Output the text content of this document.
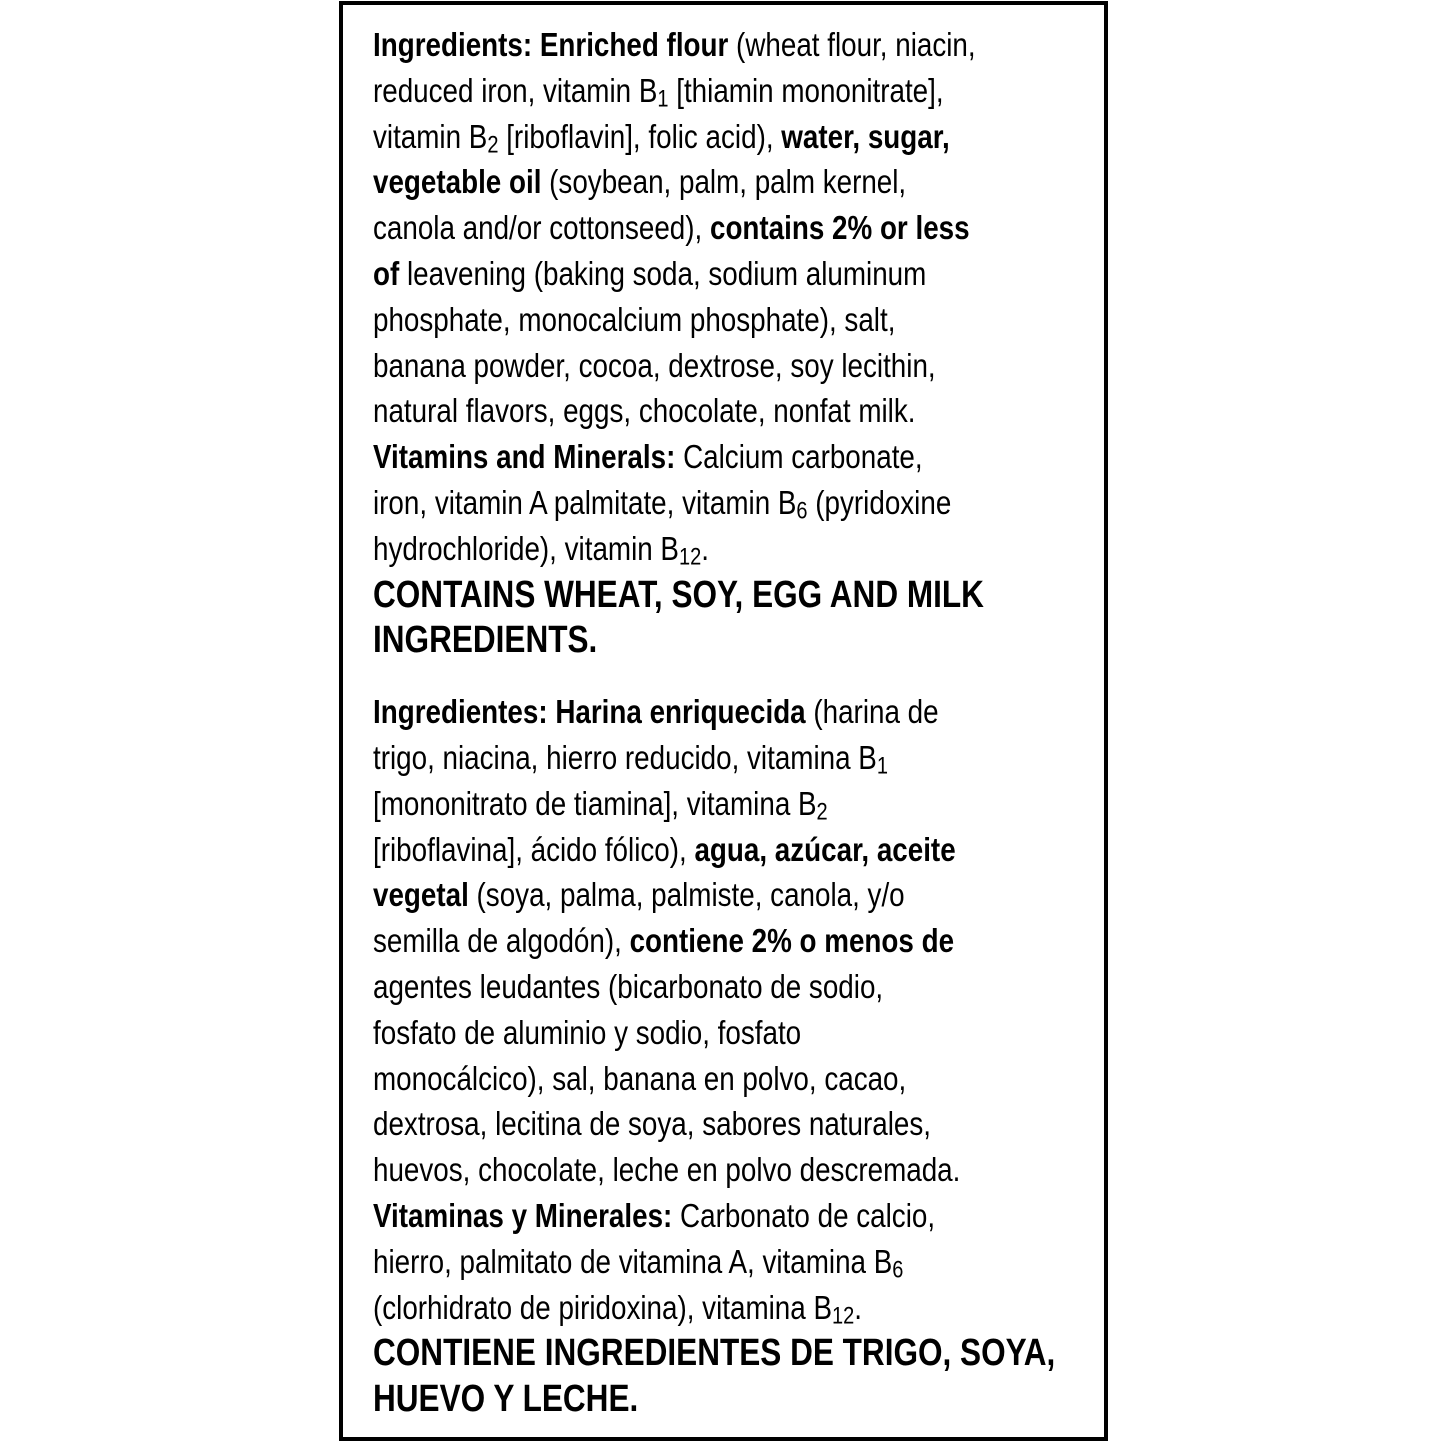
Ingredients: Enriched flour (wheat flour, niacin,
reduced iron, vitamin B1 [thiamin mononitrate],
vitamin B2 [riboflavin], folic acid), water, sugar,
vegetable oil (soybean, palm, palm kernel,
canola and/or cottonseed), contains 2% or less
of leavening (baking soda, sodium aluminum
phosphate, monocalcium phosphate), salt,
banana powder, cocoa, dextrose, soy lecithin,
natural flavors, eggs, chocolate, nonfat milk.
Vitamins and Minerals: Calcium carbonate,
iron, vitamin A palmitate, vitamin B6 (pyridoxine
hydrochloride), vitamin B12.
CONTAINS WHEAT, SOY, EGG AND MILK
INGREDIENTS.
Ingredientes: Harina enriquecida (harina de
trigo, niacina, hierro reducido, vitamina B1
[mononitrato de tiamina], vitamina B2
[riboflavina], ácido fólico), agua, azúcar, aceite
vegetal (soya, palma, palmiste, canola, y/o
semilla de algodón), contiene 2% o menos de
agentes leudantes (bicarbonato de sodio,
fosfato de aluminio y sodio, fosfato
monocálcico), sal, banana en polvo, cacao,
dextrosa, lecitina de soya, sabores naturales,
huevos, chocolate, leche en polvo descremada.
Vitaminas y Minerales: Carbonato de calcio,
hierro, palmitato de vitamina A, vitamina B6
(clorhidrato de piridoxina), vitamina B12.
CONTIENE INGREDIENTES DE TRIGO, SOYA,
HUEVO Y LECHE.
